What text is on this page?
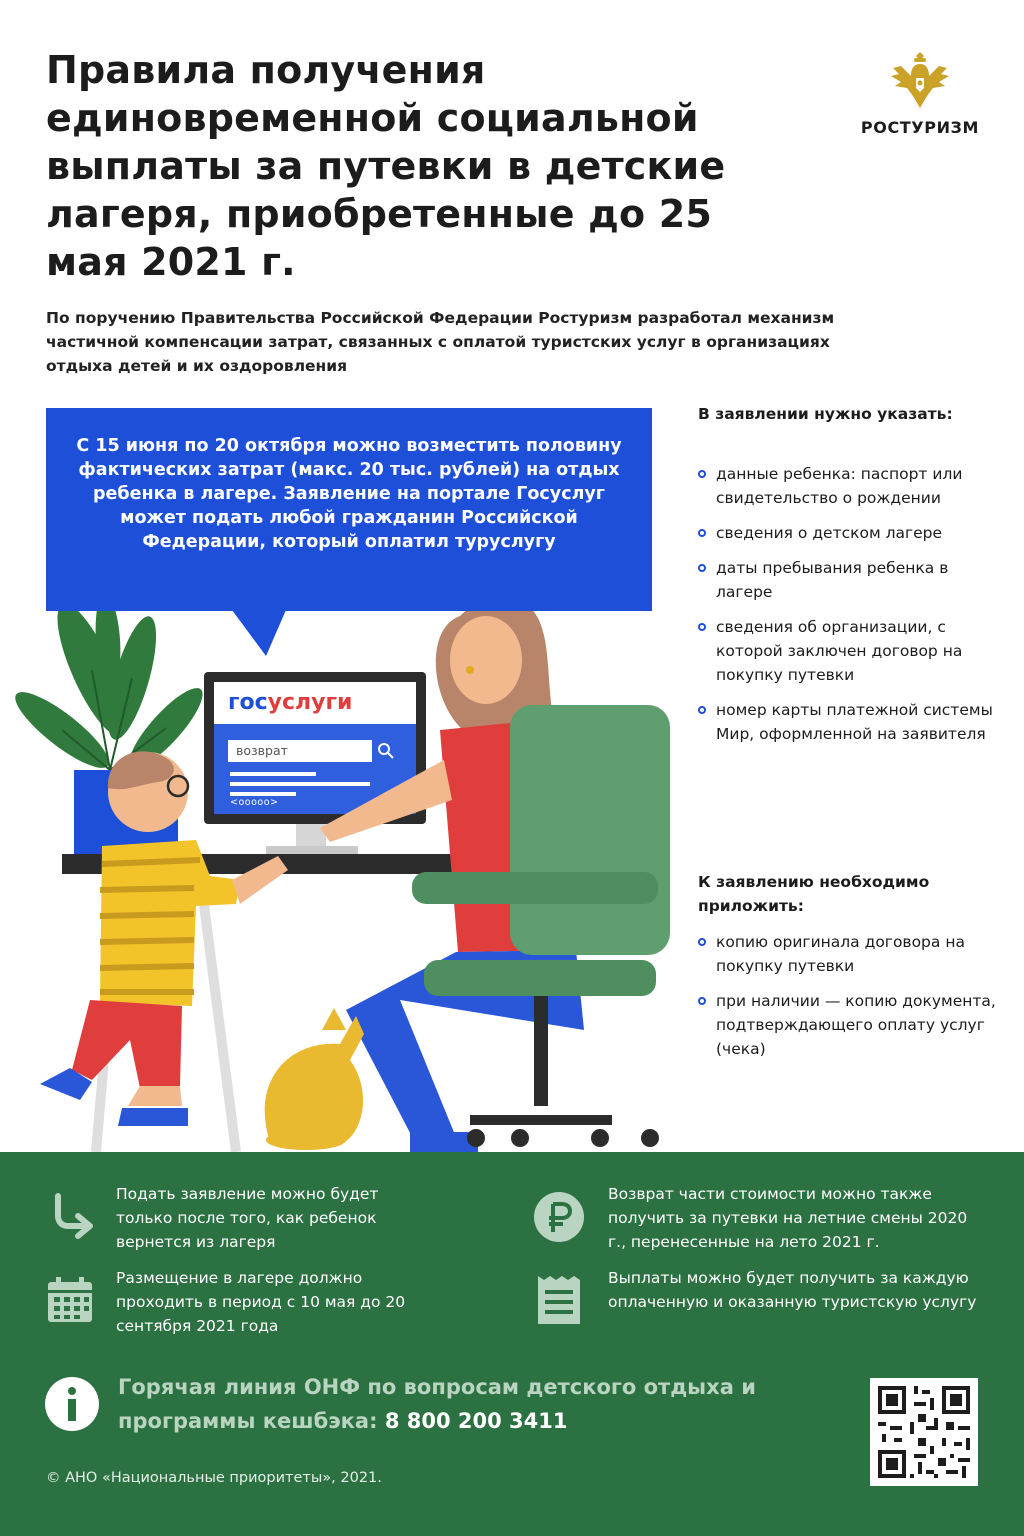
Правила получения единовременной социальной выплаты за путевки в детские лагеря, приобретенные до 25 мая 2021 г.
РОСТУРИЗМ

По поручению Правительства Российской Федерации Ростуризм разработал механизм частичной компенсации затрат, связанных с оплатой туристских услуг в организациях отдыха детей и их оздоровления

госуслуги
возврат
<ооооо>

С 15 июня по 20 октября можно возместить половину фактических затрат (макс. 20 тыс. рублей) на отдых ребенка в лагере. Заявление на портале Госуслуг может подать любой гражданин Российской Федерации, который оплатил туруслугу

В заявлении нужно указать:
данные ребенка: паспорт или свидетельство о рождении
сведения о детском лагере
даты пребывания ребенка в лагере
сведения об организации, с которой заключен договор на покупку путевки
номер карты платежной системы Мир, оформленной на заявителя
К заявлению необходимо приложить:
копию оригинала договора на покупку путевки
при наличии — копию документа, подтверждающего оплату услуг (чека)

Подать заявление можно будет только после того, как ребенок вернется из лагеря

Возврат части стоимости можно также получить за путевки на летние смены 2020 г., перенесенные на лето 2021 г.

Размещение в лагере должно проходить в период с 10 мая до 20 сентября 2021 года

Выплаты можно будет получить за каждую оплаченную и оказанную туристскую услугу

Горячая линия ОНФ по вопросам детского отдыха и программы кешбэка: 8 800 200 3411

© АНО «Национальные приоритеты», 2021.
